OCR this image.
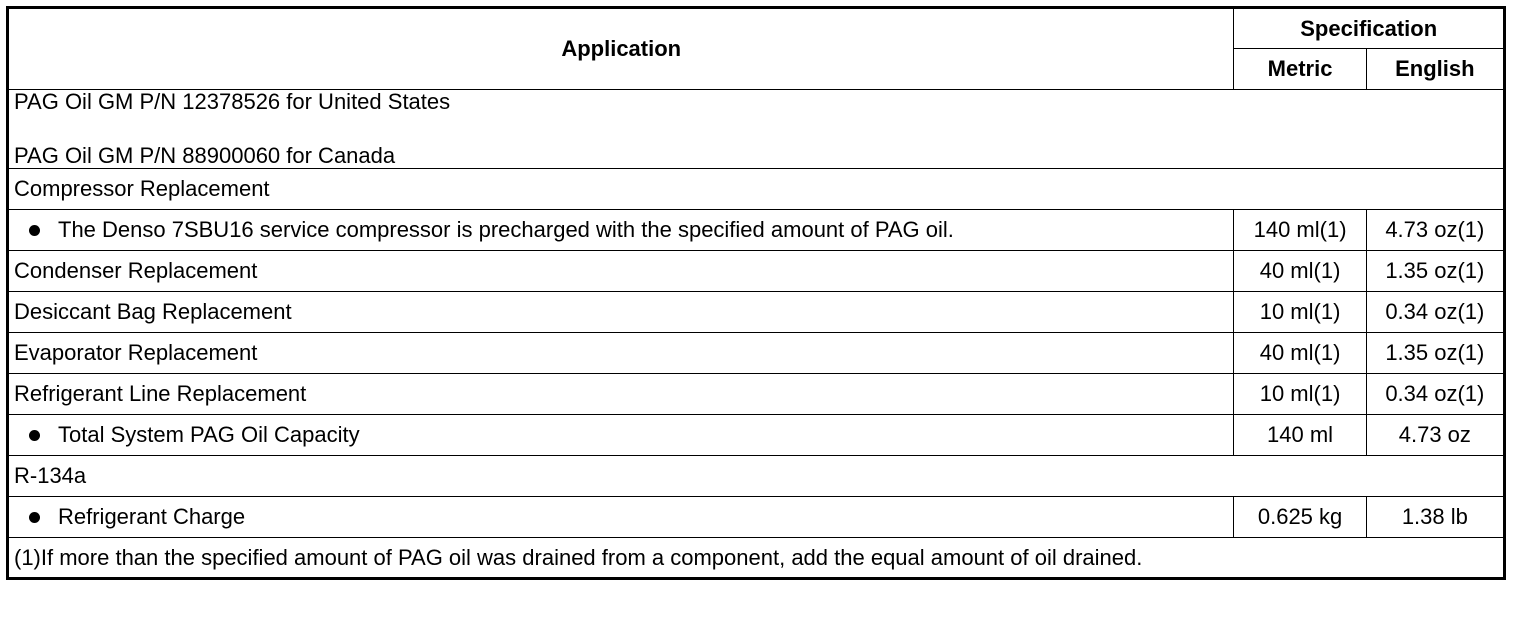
Application	Specification	
	Metric	English

PAG Oil GM P/N 12378526 for United States
PAG Oil GM P/N 88900060 for Canada		

Compressor Replacement		
The Denso 7SBU16 service compressor is precharged with the specified amount of PAG oil.	140 ml(1)	4.73 oz(1)
Condenser Replacement	40 ml(1)	1.35 oz(1)
Desiccant Bag Replacement	10 ml(1)	0.34 oz(1)
Evaporator Replacement	40 ml(1)	1.35 oz(1)
Refrigerant Line Replacement	10 ml(1)	0.34 oz(1)
Total System PAG Oil Capacity	140 ml	4.73 oz
R-134a		
Refrigerant Charge	0.625 kg	1.38 lb
(1)If more than the specified amount of PAG oil was drained from a component, add the equal amount of oil drained.		
